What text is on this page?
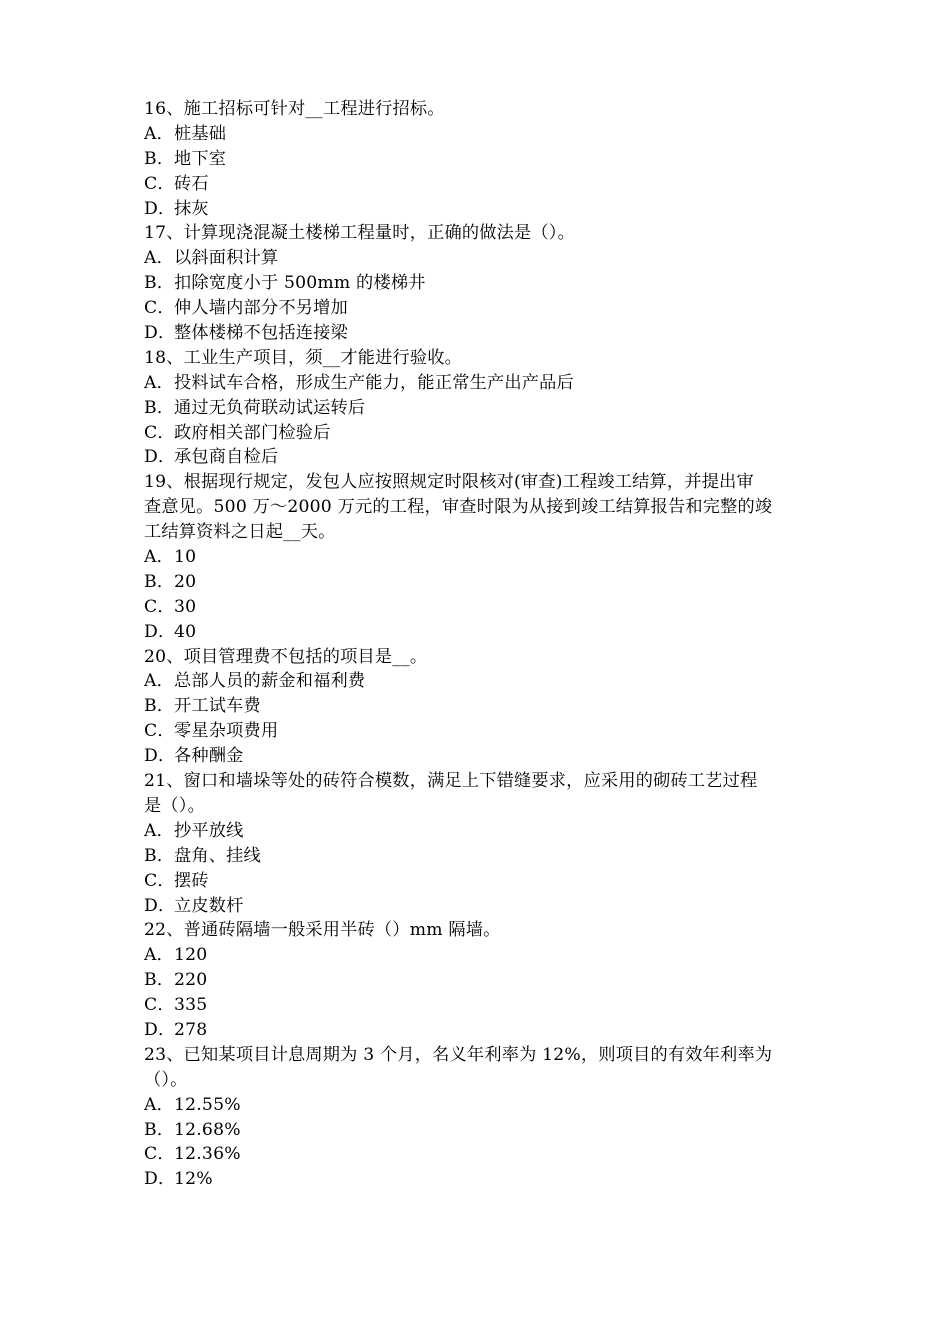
16、施工招标可针对__工程进行招标。
A．桩基础
B．地下室
C．砖石
D．抹灰
17、计算现浇混凝土楼梯工程量时，正确的做法是（）。
A．以斜面积计算
B．扣除宽度小于 500mm 的楼梯井
C．伸人墙内部分不另增加
D．整体楼梯不包括连接梁
18、工业生产项目，须__才能进行验收。
A．投料试车合格，形成生产能力，能正常生产出产品后
B．通过无负荷联动试运转后
C．政府相关部门检验后
D．承包商自检后
19、根据现行规定，发包人应按照规定时限核对(审查)工程竣工结算，并提出审
查意见。500 万～2000 万元的工程，审查时限为从接到竣工结算报告和完整的竣
工结算资料之日起__天。
A．10
B．20
C．30
D．40
20、项目管理费不包括的项目是__。
A．总部人员的薪金和福利费
B．开工试车费
C．零星杂项费用
D．各种酬金
21、窗口和墙垛等处的砖符合模数，满足上下错缝要求，应采用的砌砖工艺过程
是（）。
A．抄平放线
B．盘角、挂线
C．摆砖
D．立皮数杆
22、普通砖隔墙一般采用半砖（）mm 隔墙。
A．120
B．220
C．335
D．278
23、已知某项目计息周期为 3 个月，名义年利率为 12%，则项目的有效年利率为
（）。
A．12.55%
B．12.68%
C．12.36%
D．12%
